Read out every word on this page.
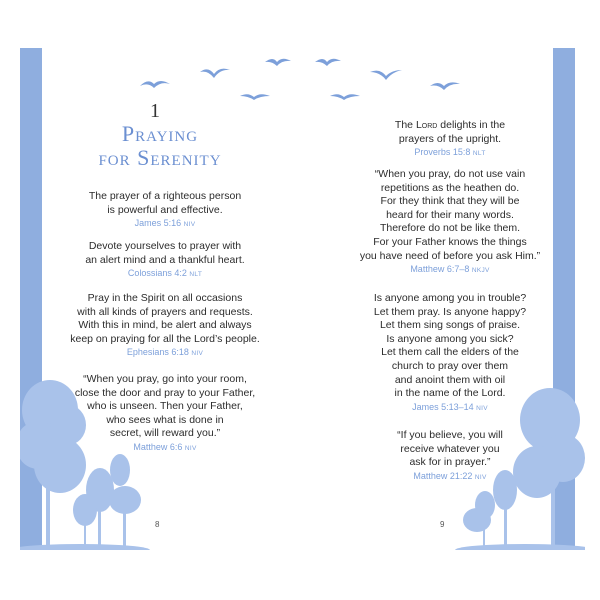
1
Praying
for Serenity
The prayer of a righteous person
is powerful and effective.
James 5:16 NIV
Devote yourselves to prayer with
an alert mind and a thankful heart.
Colossians 4:2 NLT
Pray in the Spirit on all occasions
with all kinds of prayers and requests.
With this in mind, be alert and always
keep on praying for all the Lord’s people.
Ephesians 6:18 NIV
“When you pray, go into your room,
close the door and pray to your Father,
who is unseen. Then your Father,
who sees what is done in
secret, will reward you.”
Matthew 6:6 NIV
The Lord delights in the
prayers of the upright.
Proverbs 15:8 NLT
“When you pray, do not use vain
repetitions as the heathen do.
For they think that they will be
heard for their many words.
Therefore do not be like them.
For your Father knows the things
you have need of before you ask Him.”
Matthew 6:7–8 NKJV
Is anyone among you in trouble?
Let them pray. Is anyone happy?
Let them sing songs of praise.
Is anyone among you sick?
Let them call the elders of the
church to pray over them
and anoint them with oil
in the name of the Lord.
James 5:13–14 NIV
“If you believe, you will
receive whatever you
ask for in prayer.”
Matthew 21:22 NIV
8	9
